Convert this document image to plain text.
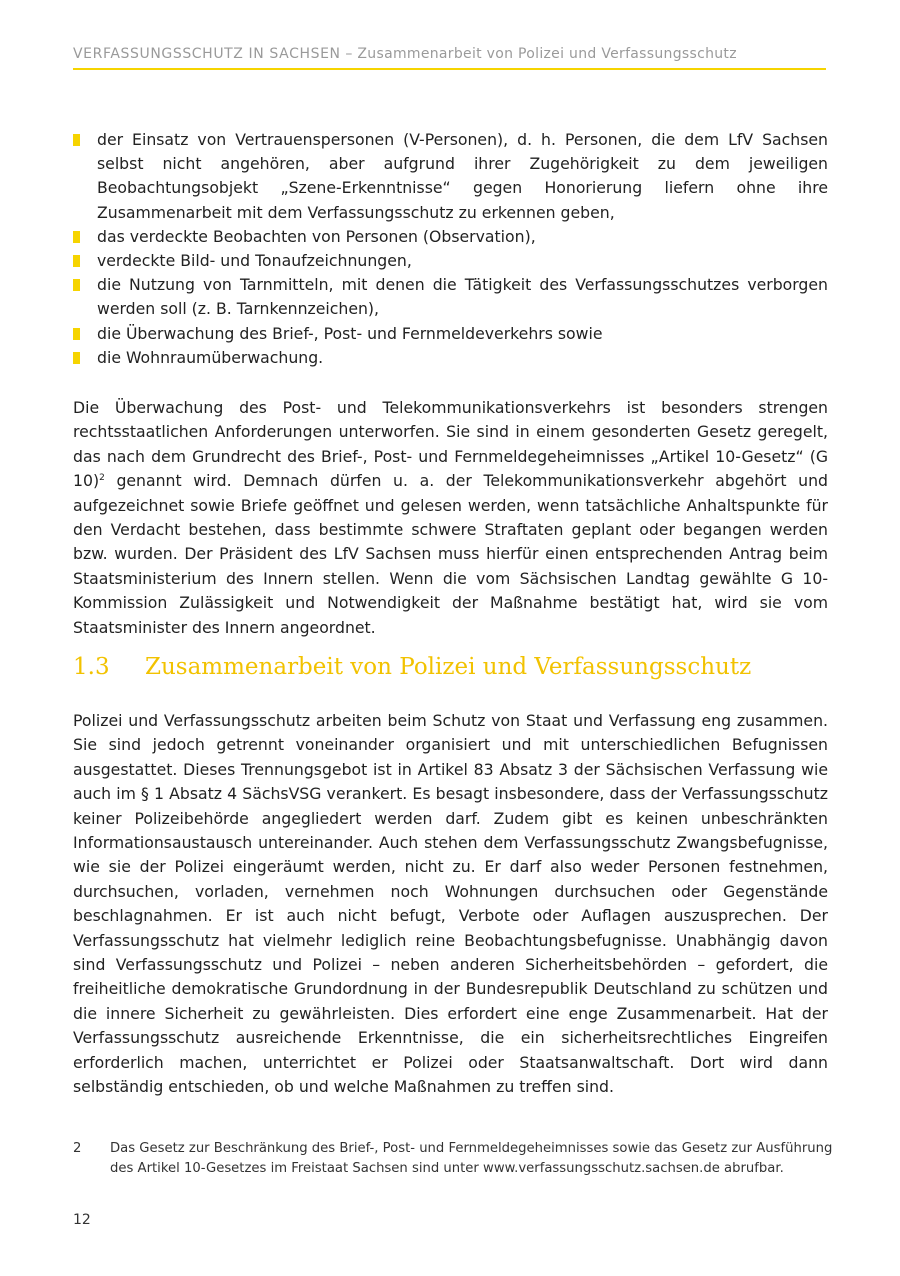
VERFASSUNGSSCHUTZ IN SACHSEN – Zusammenarbeit von Polizei und Verfassungsschutz
der Einsatz von Vertrauenspersonen (V-Personen), d. h. Personen, die dem LfV Sachsen selbst nicht angehören, aber aufgrund ihrer Zugehörigkeit zu dem jeweiligen Beobachtungsobjekt „Szene-Erkenntnisse“ gegen Honorierung liefern ohne ihre Zusammenarbeit mit dem Verfassungsschutz zu erkennen geben,
das verdeckte Beobachten von Personen (Observation),
verdeckte Bild- und Tonaufzeichnungen,
die Nutzung von Tarnmitteln, mit denen die Tätigkeit des Verfassungsschutzes verborgen werden soll (z. B. Tarnkennzeichen),
die Überwachung des Brief-, Post- und Fernmeldeverkehrs sowie
die Wohnraumüberwachung.

Die Überwachung des Post- und Telekommunikationsverkehrs ist besonders strengen rechtsstaatlichen Anforderungen unterworfen. Sie sind in einem gesonderten Gesetz geregelt, das nach dem Grundrecht des Brief-, Post- und Fernmeldegeheimnisses „Artikel 10-Gesetz“ (G 10)$^2$ genannt wird. Demnach dürfen u. a. der Telekommunikationsverkehr abgehört und aufgezeichnet sowie Briefe geöffnet und gelesen werden, wenn tatsächliche Anhaltspunkte für den Verdacht bestehen, dass bestimmte schwere Straftaten geplant oder begangen werden bzw. wurden. Der Präsident des LfV Sachsen muss hierfür einen entsprechenden Antrag beim Staatsministerium des Innern stellen. Wenn die vom Sächsischen Landtag gewählte G 10-Kommission Zulässigkeit und Notwendigkeit der Maßnahme bestätigt hat, wird sie vom Staatsminister des Innern angeordnet.

1.3 Zusammenarbeit von Polizei und Verfassungsschutz

Polizei und Verfassungsschutz arbeiten beim Schutz von Staat und Verfassung eng zusammen. Sie sind jedoch getrennt voneinander organisiert und mit unterschiedlichen Befugnissen ausgestattet. Dieses Trennungsgebot ist in Artikel 83 Absatz 3 der Sächsischen Verfassung wie auch im § 1 Absatz 4 SächsVSG verankert. Es besagt insbesondere, dass der Verfassungsschutz keiner Polizeibehörde angegliedert werden darf. Zudem gibt es keinen unbeschränkten Informationsaustausch untereinander. Auch stehen dem Verfassungsschutz Zwangsbefugnisse, wie sie der Polizei eingeräumt werden, nicht zu. Er darf also weder Personen festnehmen, durchsuchen, vorladen, vernehmen noch Wohnungen durchsuchen oder Gegenstände beschlagnahmen. Er ist auch nicht befugt, Verbote oder Auflagen auszusprechen. Der Verfassungsschutz hat vielmehr lediglich reine Beobachtungsbefugnisse. Unabhängig davon sind Verfassungsschutz und Polizei – neben anderen Sicherheitsbehörden – gefordert, die freiheitliche demokratische Grundordnung in der Bundesrepublik Deutschland zu schützen und die innere Sicherheit zu gewährleisten. Dies erfordert eine enge Zusammenarbeit. Hat der Verfassungsschutz ausreichende Erkenntnisse, die ein sicherheitsrechtliches Eingreifen erforderlich machen, unterrichtet er Polizei oder Staatsanwaltschaft. Dort wird dann selbständig entschieden, ob und welche Maßnahmen zu treffen sind.

2 Das Gesetz zur Beschränkung des Brief-, Post- und Fernmeldegeheimnisses sowie das Gesetz zur Ausführung des Artikel 10-Gesetzes im Freistaat Sachsen sind unter www.verfassungsschutz.sachsen.de abrufbar.
12
